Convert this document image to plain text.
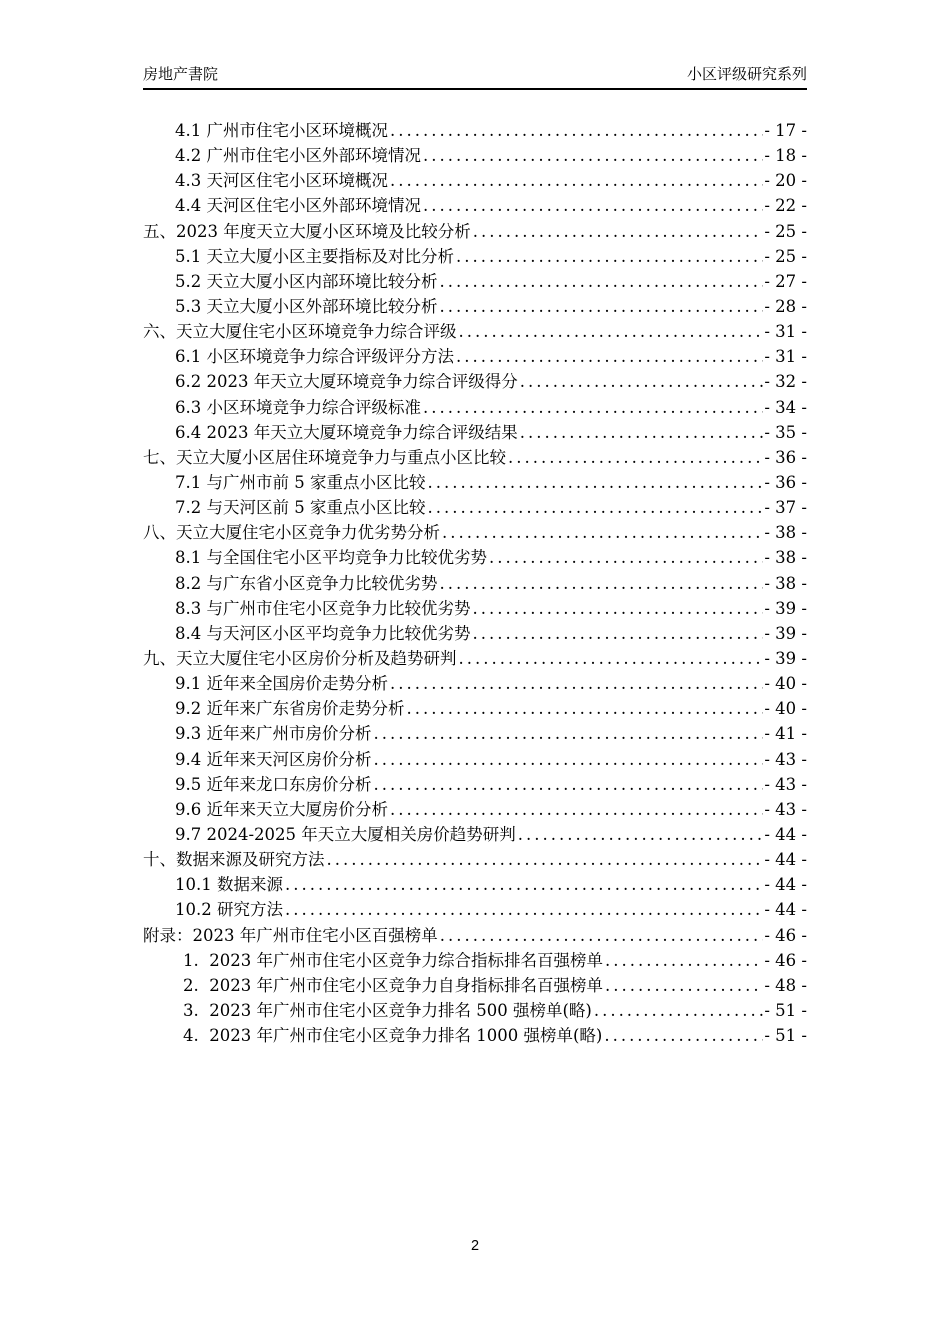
房地产書院	小区评级研究系列
4.1 广州市住宅小区环境概况 .....	- 17 -
4.2 广州市住宅小区外部环境情况 .....	- 18 -
4.3 天河区住宅小区环境概况 .....	- 20 -
4.4 天河区住宅小区外部环境情况 .....	- 22 -
五、2023 年度天立大厦小区环境及比较分析 .....	- 25 -
5.1 天立大厦小区主要指标及对比分析 .....	- 25 -
5.2 天立大厦小区内部环境比较分析 .....	- 27 -
5.3 天立大厦小区外部环境比较分析 .....	- 28 -
六、天立大厦住宅小区环境竞争力综合评级 .....	- 31 -
6.1 小区环境竞争力综合评级评分方法 .....	- 31 -
6.2 2023 年天立大厦环境竞争力综合评级得分 .....	- 32 -
6.3 小区环境竞争力综合评级标准 .....	- 34 -
6.4 2023 年天立大厦环境竞争力综合评级结果 .....	- 35 -
七、天立大厦小区居住环境竞争力与重点小区比较 .....	- 36 -
7.1 与广州市前 5 家重点小区比较 .....	- 36 -
7.2 与天河区前 5 家重点小区比较 .....	- 37 -
八、天立大厦住宅小区竞争力优劣势分析 .....	- 38 -
8.1 与全国住宅小区平均竞争力比较优劣势 .....	- 38 -
8.2 与广东省小区竞争力比较优劣势 .....	- 38 -
8.3 与广州市住宅小区竞争力比较优劣势 .....	- 39 -
8.4 与天河区小区平均竞争力比较优劣势 .....	- 39 -
九、天立大厦住宅小区房价分析及趋势研判 .....	- 39 -
9.1 近年来全国房价走势分析 .....	- 40 -
9.2 近年来广东省房价走势分析 .....	- 40 -
9.3 近年来广州市房价分析 .....	- 41 -
9.4 近年来天河区房价分析 .....	- 43 -
9.5 近年来龙口东房价分析 .....	- 43 -
9.6 近年来天立大厦房价分析 .....	- 43 -
9.7 2024-2025 年天立大厦相关房价趋势研判 .....	- 44 -
十、数据来源及研究方法 .....	- 44 -
10.1 数据来源 .....	- 44 -
10.2 研究方法 .....	- 44 -
附录：2023 年广州市住宅小区百强榜单 .....	- 46 -
1.  2023 年广州市住宅小区竞争力综合指标排名百强榜单 .....	- 46 -
2.  2023 年广州市住宅小区竞争力自身指标排名百强榜单 .....	- 48 -
3.  2023 年广州市住宅小区竞争力排名 500 强榜单(略) .....	- 51 -
4.  2023 年广州市住宅小区竞争力排名 1000 强榜单(略) .....	- 51 -
2
